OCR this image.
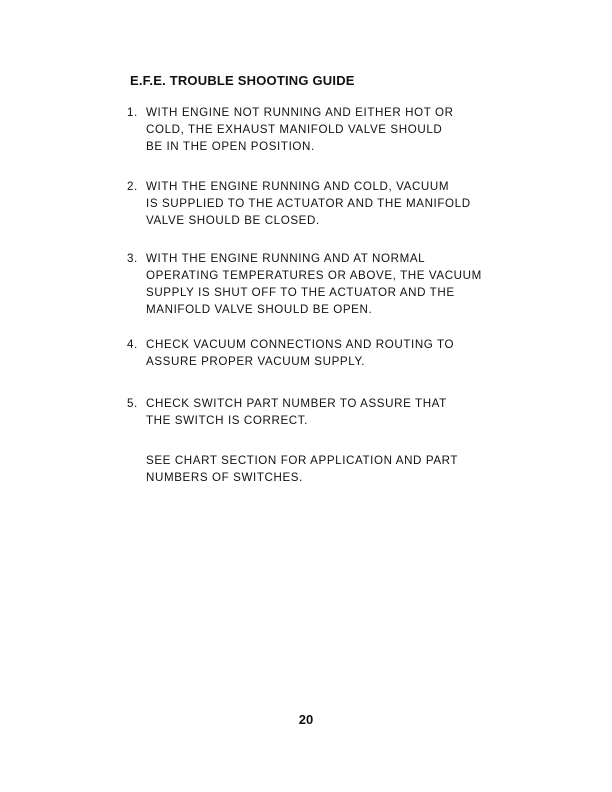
E.F.E. TROUBLE SHOOTING GUIDE
1. WITH ENGINE NOT RUNNING AND EITHER HOT OR
COLD, THE EXHAUST MANIFOLD VALVE SHOULD
BE IN THE OPEN POSITION.
2. WITH THE ENGINE RUNNING AND COLD, VACUUM
IS SUPPLIED TO THE ACTUATOR AND THE MANIFOLD
VALVE SHOULD BE CLOSED.
3. WITH THE ENGINE RUNNING AND AT NORMAL
OPERATING TEMPERATURES OR ABOVE, THE VACUUM
SUPPLY IS SHUT OFF TO THE ACTUATOR AND THE
MANIFOLD VALVE SHOULD BE OPEN.
4. CHECK VACUUM CONNECTIONS AND ROUTING TO
ASSURE PROPER VACUUM SUPPLY.
5. CHECK SWITCH PART NUMBER TO ASSURE THAT
THE SWITCH IS CORRECT.
SEE CHART SECTION FOR APPLICATION AND PART
NUMBERS OF SWITCHES.
20
